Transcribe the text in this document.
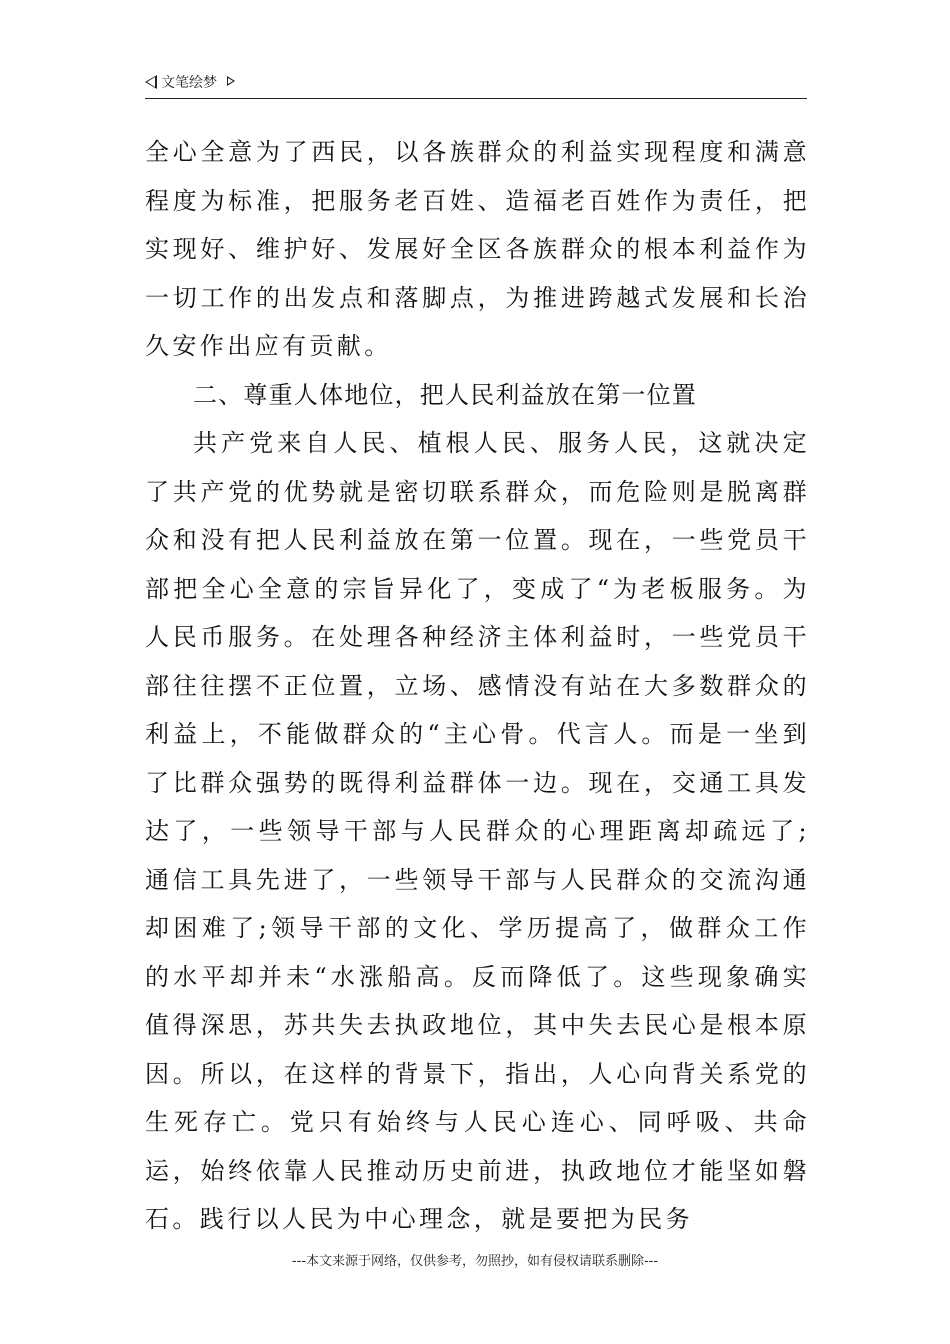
文笔绘梦

全心全意为了西民，以各族群众的利益实现程度和满意程度为标准，把服务老百姓、造福老百姓作为责任，把实现好、维护好、发展好全区各族群众的根本利益作为一切工作的出发点和落脚点，为推进跨越式发展和长治久安作出应有贡献。

二、尊重人体地位，把人民利益放在第一位置

共产党来自人民、植根人民、服务人民，这就决定了共产党的优势就是密切联系群众，而危险则是脱离群众和没有把人民利益放在第一位置。现在，一些党员干部把全心全意的宗旨异化了，变成了“为老板服务。为人民币服务。在处理各种经济主体利益时，一些党员干部往往摆不正位置，立场、感情没有站在大多数群众的利益上，不能做群众的“主心骨。代言人。而是一坐到了比群众强势的既得利益群体一边。现在，交通工具发达了，一些领导干部与人民群众的心理距离却疏远了;通信工具先进了，一些领导干部与人民群众的交流沟通却困难了;领导干部的文化、学历提高了，做群众工作的水平却并未“水涨船高。反而降低了。这些现象确实值得深思，苏共失去执政地位，其中失去民心是根本原因。所以，在这样的背景下，指出，人心向背关系党的生死存亡。党只有始终与人民心连心、同呼吸、共命运，始终依靠人民推动历史前进，执政地位才能坚如磐石。践行以人民为中心理念，就是要把为民务

---本文来源于网络，仅供参考，勿照抄，如有侵权请联系删除---
